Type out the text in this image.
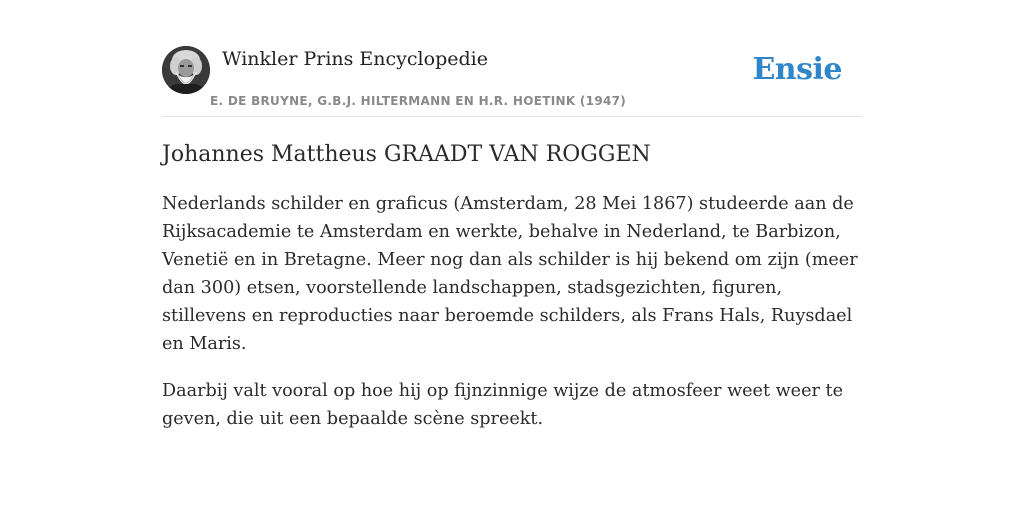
Winkler Prins Encyclopedie
E. DE BRUYNE, G.B.J. HILTERMANN EN H.R. HOETINK (1947)
Ensie
Johannes Mattheus GRAADT VAN ROGGEN

Nederlands schilder en graficus (Amsterdam, 28 Mei 1867) studeerde aan de Rijksacademie te Amsterdam en werkte, behalve in Nederland, te Barbizon, Venetië en in Bretagne. Meer nog dan als schilder is hij bekend om zijn (meer dan 300) etsen, voorstellende landschappen, stadsgezichten, figuren, stillevens en reproducties naar beroemde schilders, als Frans Hals, Ruysdael en Maris.

Daarbij valt vooral op hoe hij op fijnzinnige wijze de atmosfeer weet weer te geven, die uit een bepaalde scène spreekt.
